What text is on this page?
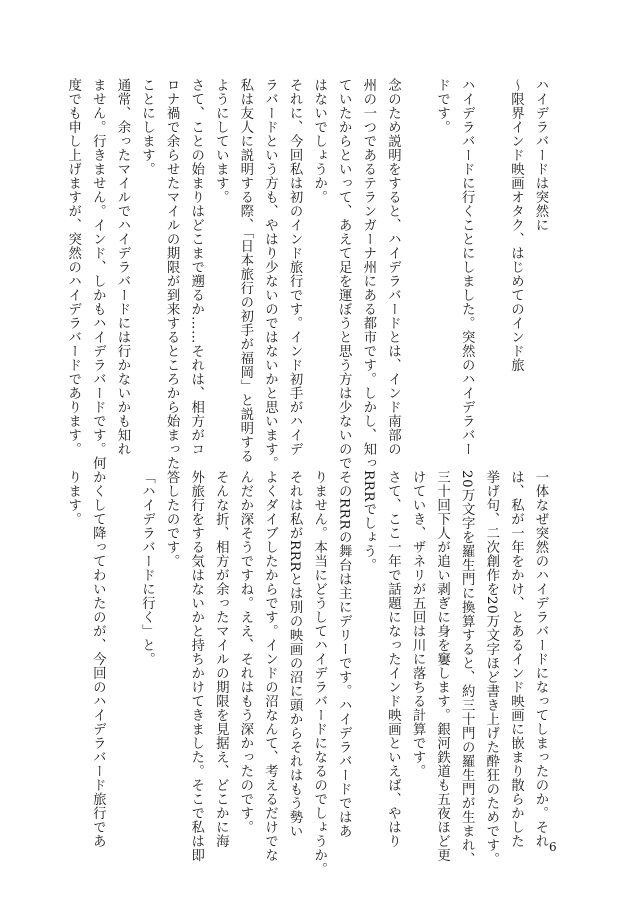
ハイデラバードは突然に
〜限界インド映画オタク、はじめてのインド旅

ハイデラバードに行くことにしました。突然のハイデラバー
ドです。

念のため説明をすると、ハイデラバードとは、インド南部の
州の一つであるテランガーナ州にある都市です。しかし、知っ
ていたからといって、あえて足を運ぼうと思う方は少ないので
はないでしょうか。
それに、今回私は初のインド旅行です。インド初手がハイデ
ラバードという方も、やはり少ないのではないかと思います。
私は友人に説明する際、「日本旅行の初手が福岡」と説明する
ようにしています。
さて、ことの始まりはどこまで遡るか……それは、相方がコ
ロナ禍で余らせたマイルの期限が到来するところから始まった
ことにします。
通常、余ったマイルでハイデラバードには行かないかも知れ
ません。行きません。インド、しかもハイデラバードです。何
度でも申し上げますが、突然のハイデラバードであります。
一体なぜ突然のハイデラバードになってしまったのか。それ
は、私が一年をかけ、とあるインド映画に嵌まり散らかした
挙げ句、二次創作を20万文字ほど書き上げた酔狂のためです。
20万文字を羅生門に換算すると、約三十門の羅生門が生まれ、
三十回下人が追い剥ぎに身を窶します。銀河鉄道も五夜ほど更
けていき、ザネリが五回は川に落ちる計算です。
さて、ここ一年で話題になったインド映画といえば、やはり
RRRでしょう。
そのRRRの舞台は主にデリーです。ハイデラバードではあ
りません。本当にどうしてハイデラバードになるのでしょうか。
それは私がRRRとは別の映画の沼に頭からそれはもう勢い
よくダイブしたからです。インドの沼なんて、考えるだけでな
んだか深そうですね。ええ、それはもう深かったのです。
そんな折、相方が余ったマイルの期限を見据え、どこかに海
外旅行をする気はないかと持ちかけてきました。そこで私は即
答したのです。
「ハイデラバードに行く」と。

かくして降ってわいたのが、今回のハイデラバード旅行であ
ります。
6
